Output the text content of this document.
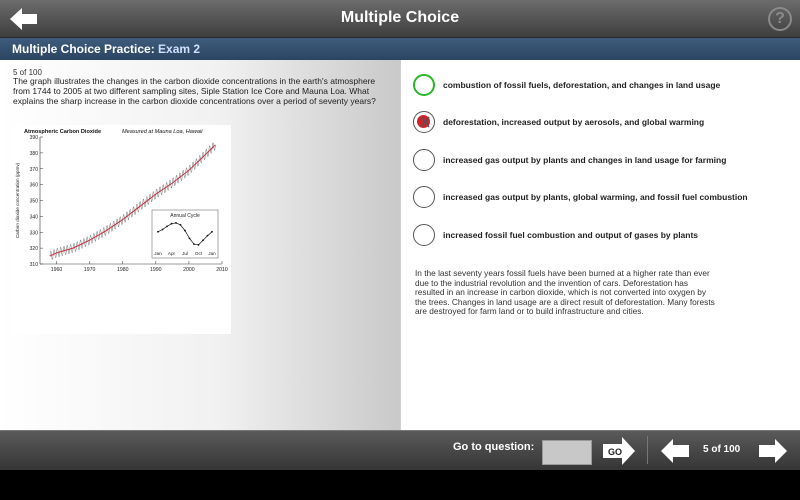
Multiple Choice	?
Multiple Choice Practice: Exam 2
5 of 100
The graph illustrates the changes in the carbon dioxide concentrations in the earth's atmosphere from 1744 to 2005 at two different sampling sites, Siple Station Ice Core and Mauna Loa. What explains the sharp increase in the carbon dioxide concentrations over a period of seventy years?
Atmospheric Carbon Dioxide	Measured at Mauna Loa, Hawaii
310
320
330
340
350
360
370
380
390
1960	1970	1980	1990	2000	2010
Carbon dioxide concentration (ppmv)	Annual Cycle
Jan Apr Jul Oct Jan
combustion of fossil fuels, deforestation, and changes in land usage
deforestation, increased output by aerosols, and global warming
increased gas output by plants and changes in land usage for farming
increased gas output by plants, global warming, and fossil fuel combustion
increased fossil fuel combustion and output of gases by plants
In the last seventy years fossil fuels have been burned at a higher rate than ever due to the industrial revolution and the invention of cars. Deforestation has resulted in an increase in carbon dioxide, which is not converted into oxygen by the trees. Changes in land usage are a direct result of deforestation. Many forests are destroyed for farm land or to build infrastructure and cities.
Go to question:	GO	5 of 100
